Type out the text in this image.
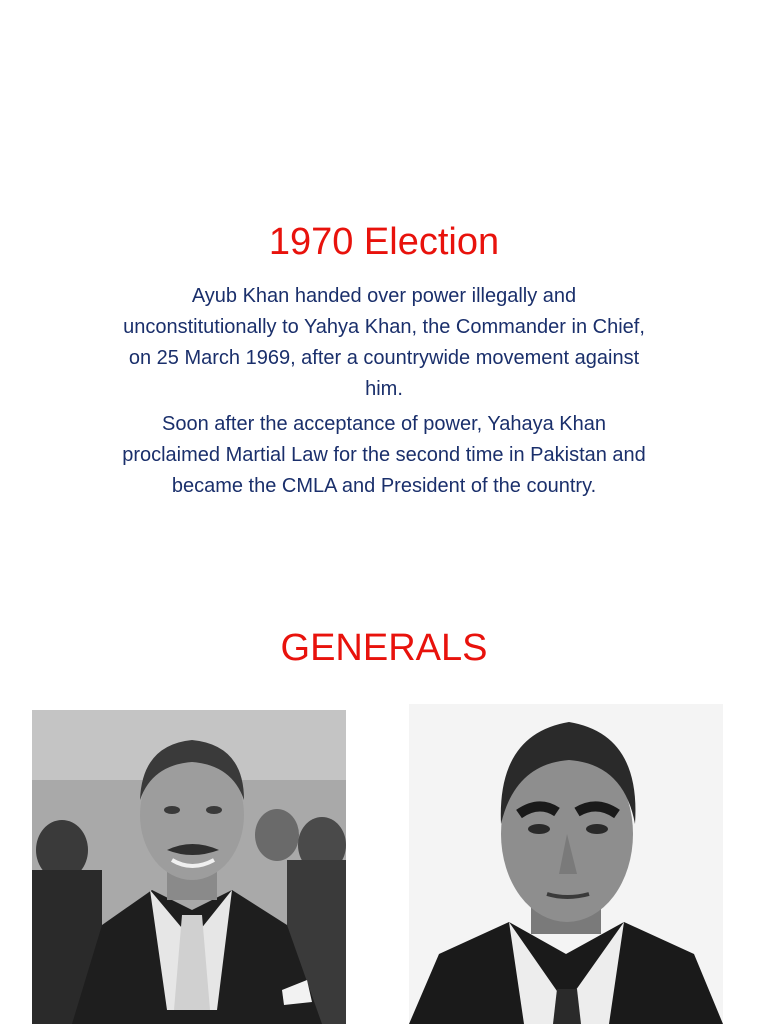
1970 Election

Ayub Khan handed over power illegally and unconstitutionally to Yahya Khan, the Commander in Chief, on 25 March 1969, after a countrywide movement against him.

Soon after the acceptance of power, Yahaya Khan proclaimed Martial Law for the second time in Pakistan and became the CMLA and President of the country.

GENERALS
